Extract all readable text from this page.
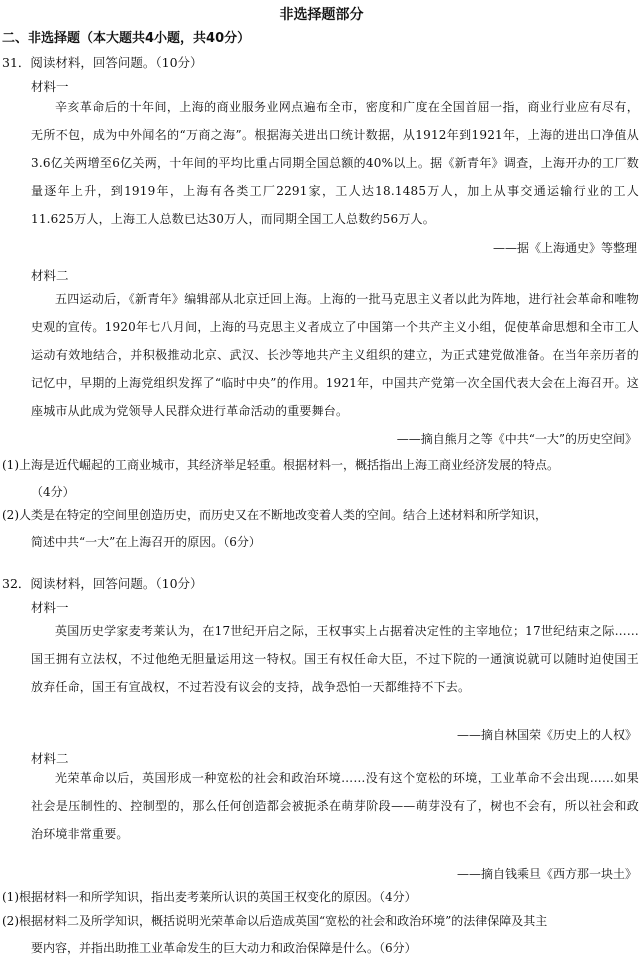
非选择题部分
二、非选择题（本大题共4小题，共40分）
31．阅读材料，回答问题。（10分）
材料一
辛亥革命后的十年间，上海的商业服务业网点遍布全市，密度和广度在全国首屈一指，商业行业应有尽有，无所不包，成为中外闻名的“万商之海”。根据海关进出口统计数据，从1912年到1921年，上海的进出口净值从3.6亿关两增至6亿关两，十年间的平均比重占同期全国总额的40%以上。据《新青年》调查，上海开办的工厂数量逐年上升，到1919年，上海有各类工厂2291家，工人达18.1485万人，加上从事交通运输行业的工人11.625万人，上海工人总数已达30万人，而同期全国工人总数约56万人。
——据《上海通史》等整理
材料二
五四运动后，《新青年》编辑部从北京迁回上海。上海的一批马克思主义者以此为阵地，进行社会革命和唯物史观的宣传。1920年七八月间，上海的马克思主义者成立了中国第一个共产主义小组，促使革命思想和全市工人运动有效地结合，并积极推动北京、武汉、长沙等地共产主义组织的建立，为正式建党做准备。在当年亲历者的记忆中，早期的上海党组织发挥了“临时中央”的作用。1921年，中国共产党第一次全国代表大会在上海召开。这座城市从此成为党领导人民群众进行革命活动的重要舞台。
——摘自熊月之等《中共“一大”的历史空间》
(1)上海是近代崛起的工商业城市，其经济举足轻重。根据材料一，概括指出上海工商业经济发展的特点。
（4分）
(2)人类是在特定的空间里创造历史，而历史又在不断地改变着人类的空间。结合上述材料和所学知识，
简述中共“一大”在上海召开的原因。（6分）
32．阅读材料，回答问题。（10分）
材料一
英国历史学家麦考莱认为，在17世纪开启之际，王权事实上占据着决定性的主宰地位；17世纪结束之际……国王拥有立法权，不过他绝无胆量运用这一特权。国王有权任命大臣，不过下院的一通演说就可以随时迫使国王放弃任命，国王有宣战权，不过若没有议会的支持，战争恐怕一天都维持不下去。
——摘自林国荣《历史上的人权》
材料二
光荣革命以后，英国形成一种宽松的社会和政治环境……没有这个宽松的环境，工业革命不会出现……如果社会是压制性的、控制型的，那么任何创造都会被扼杀在萌芽阶段——萌芽没有了，树也不会有，所以社会和政治环境非常重要。
——摘自钱乘旦《西方那一块土》
(1)根据材料一和所学知识，指出麦考莱所认识的英国王权变化的原因。（4分）
(2)根据材料二及所学知识，概括说明光荣革命以后造成英国“宽松的社会和政治环境”的法律保障及其主
要内容，并指出助推工业革命发生的巨大动力和政治保障是什么。（6分）
